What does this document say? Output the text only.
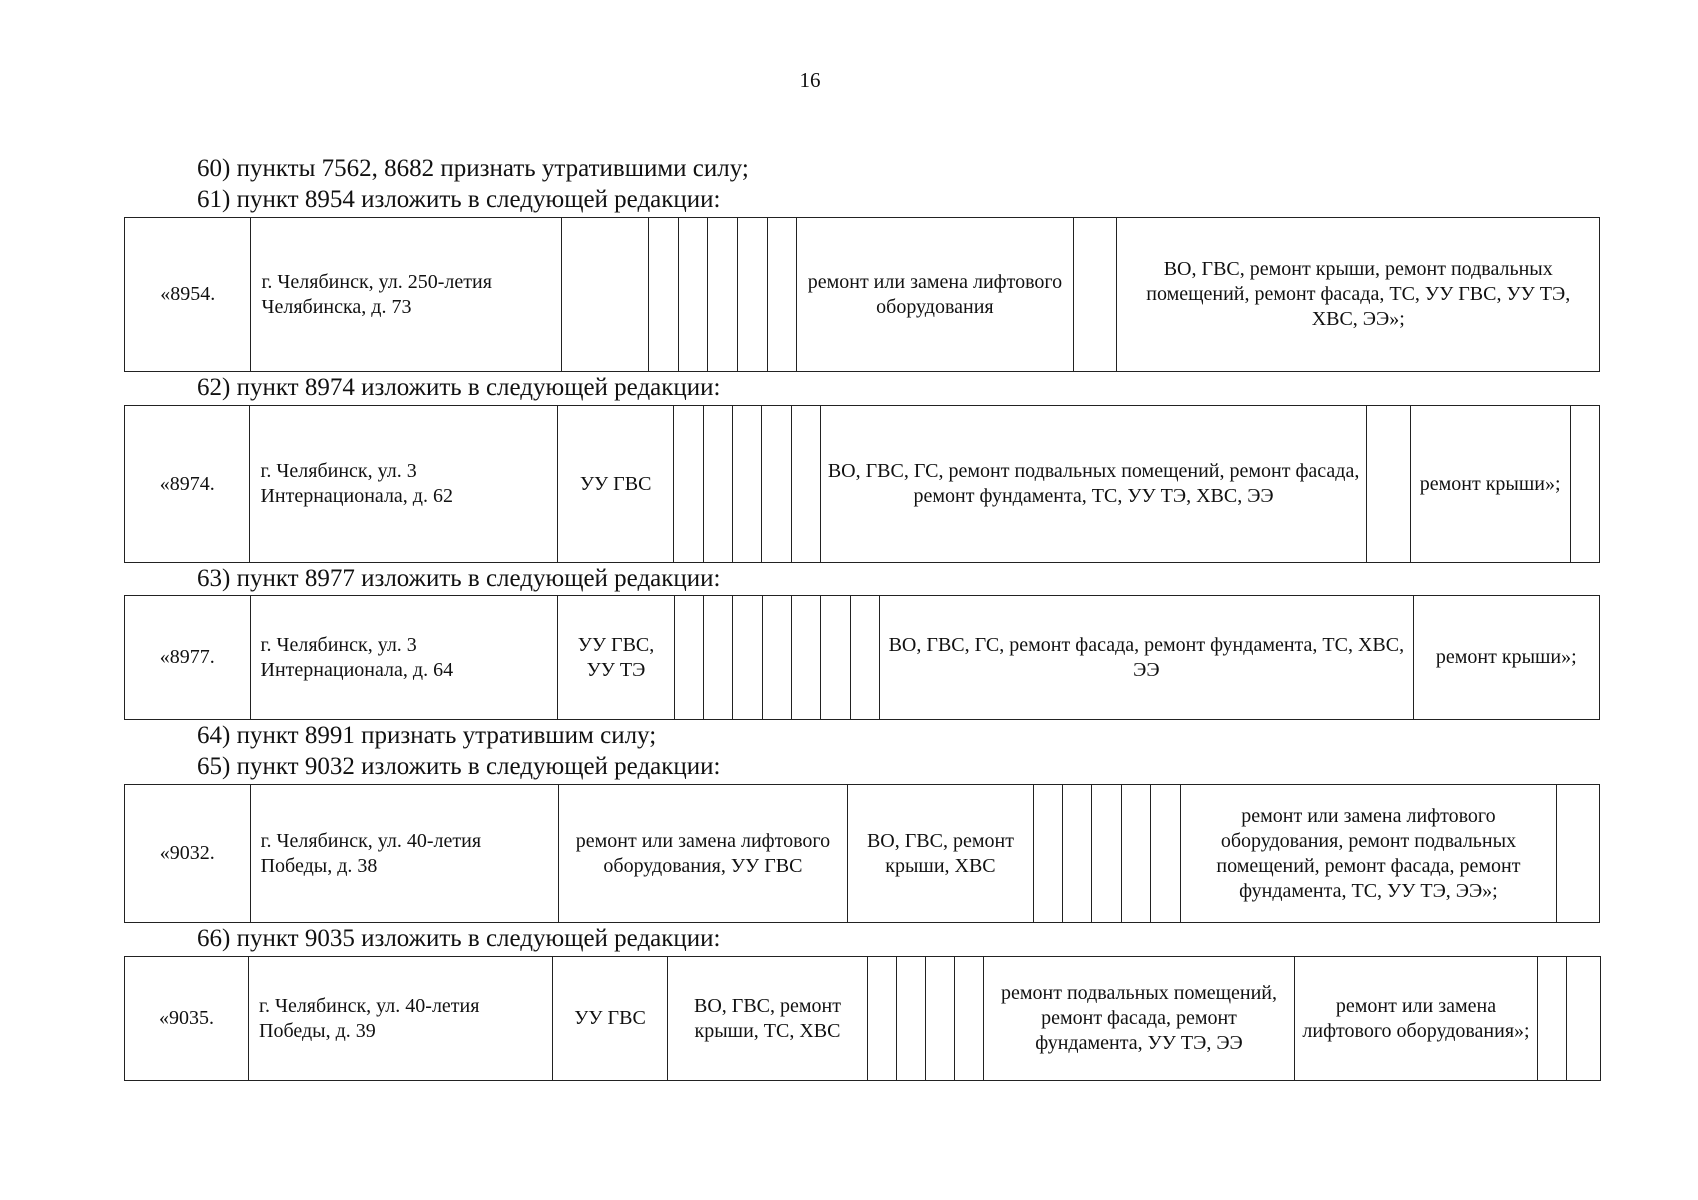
16
60) пункты 7562, 8682 признать утратившими силу;
61) пункт 8954 изложить в следующей редакции:
«8954.	г. Челябинск, ул. 250-летия Челябинска, д. 73							ремонт или замена лифтового оборудования		ВО, ГВС, ремонт крыши, ремонт подвальных помещений, ремонт фасада, ТС, УУ ГВС, УУ ТЭ, ХВС, ЭЭ»;
62) пункт 8974 изложить в следующей редакции:
«8974.	г. Челябинск, ул. 3 Интернационала, д. 62	УУ ГВС						ВО, ГВС, ГС, ремонт подвальных помещений, ремонт фасада, ремонт фундамента, ТС, УУ ТЭ, ХВС, ЭЭ		ремонт крыши»;	
63) пункт 8977 изложить в следующей редакции:
«8977.	г. Челябинск, ул. 3 Интернационала, д. 64	УУ ГВС, УУ ТЭ								ВО, ГВС, ГС, ремонт фасада, ремонт фундамента, ТС, ХВС, ЭЭ	ремонт крыши»;
64) пункт 8991 признать утратившим силу;
65) пункт 9032 изложить в следующей редакции:
«9032.	г. Челябинск, ул. 40-летия Победы, д. 38	ремонт или замена лифтового оборудования, УУ ГВС	ВО, ГВС, ремонт крыши, ХВС						ремонт или замена лифтового оборудования, ремонт подвальных помещений, ремонт фасада, ремонт фундамента, ТС, УУ ТЭ, ЭЭ»;	
66) пункт 9035 изложить в следующей редакции:
«9035.	г. Челябинск, ул. 40-летия Победы, д. 39	УУ ГВС	ВО, ГВС, ремонт крыши, ТС, ХВС					ремонт подвальных помещений, ремонт фасада, ремонт фундамента, УУ ТЭ, ЭЭ	ремонт или замена лифтового оборудования»;		
